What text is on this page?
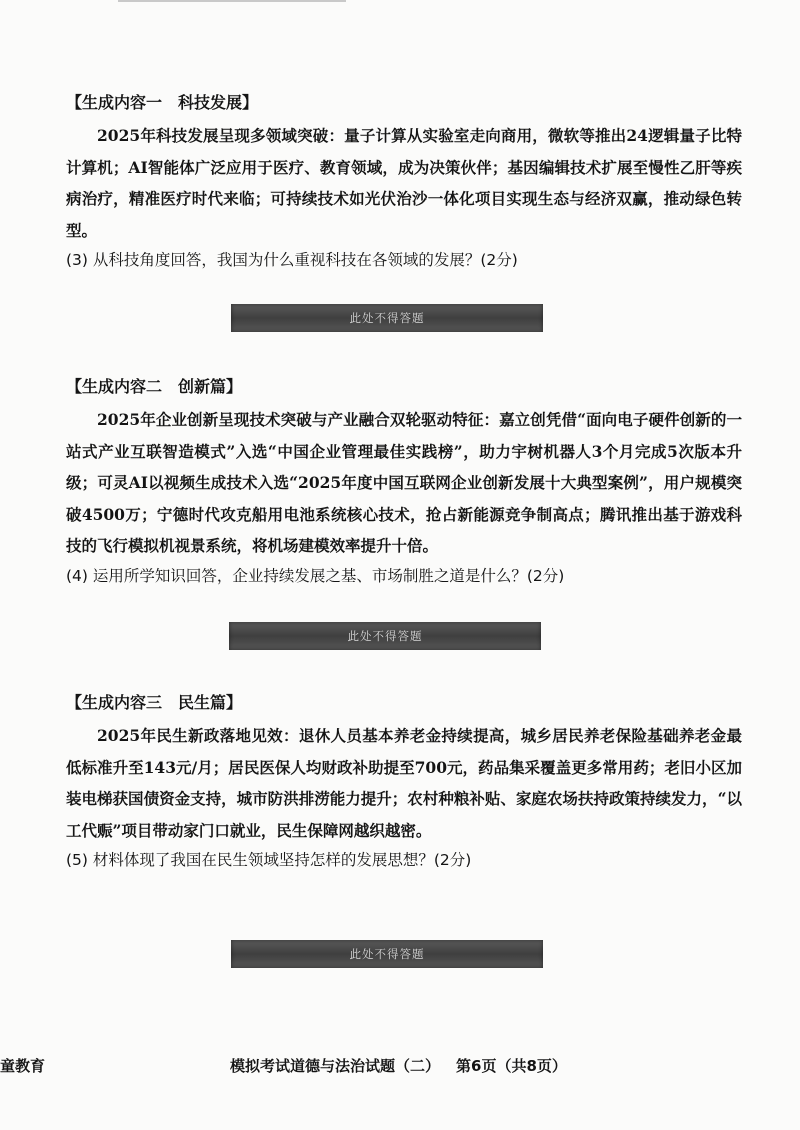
【生成内容一 科技发展】

2025年科技发展呈现多领域突破：量子计算从实验室走向商用，微软等推出24逻辑量子比特计算机；AI智能体广泛应用于医疗、教育领域，成为决策伙伴；基因编辑技术扩展至慢性乙肝等疾病治疗，精准医疗时代来临；可持续技术如光伏治沙一体化项目实现生态与经济双赢，推动绿色转型。

(3) 从科技角度回答，我国为什么重视科技在各领域的发展？(2分)

此处不得答题

【生成内容二 创新篇】

2025年企业创新呈现技术突破与产业融合双轮驱动特征：嘉立创凭借“面向电子硬件创新的一站式产业互联智造模式”入选“中国企业管理最佳实践榜”，助力宇树机器人3个月完成5次版本升级；可灵AI以视频生成技术入选“2025年度中国互联网企业创新发展十大典型案例”，用户规模突破4500万；宁德时代攻克船用电池系统核心技术，抢占新能源竞争制高点；腾讯推出基于游戏科技的飞行模拟机视景系统，将机场建模效率提升十倍。

(4) 运用所学知识回答，企业持续发展之基、市场制胜之道是什么？(2分)

此处不得答题

【生成内容三 民生篇】

2025年民生新政落地见效：退休人员基本养老金持续提高，城乡居民养老保险基础养老金最低标准升至143元/月；居民医保人均财政补助提至700元，药品集采覆盖更多常用药；老旧小区加装电梯获国债资金支持，城市防洪排涝能力提升；农村种粮补贴、家庭农场扶持政策持续发力，“以工代赈”项目带动家门口就业，民生保障网越织越密。

(5) 材料体现了我国在民生领域坚持怎样的发展思想？(2分)

此处不得答题
童教育	模拟考试道德与法治试题（二） 第6页（共8页）
